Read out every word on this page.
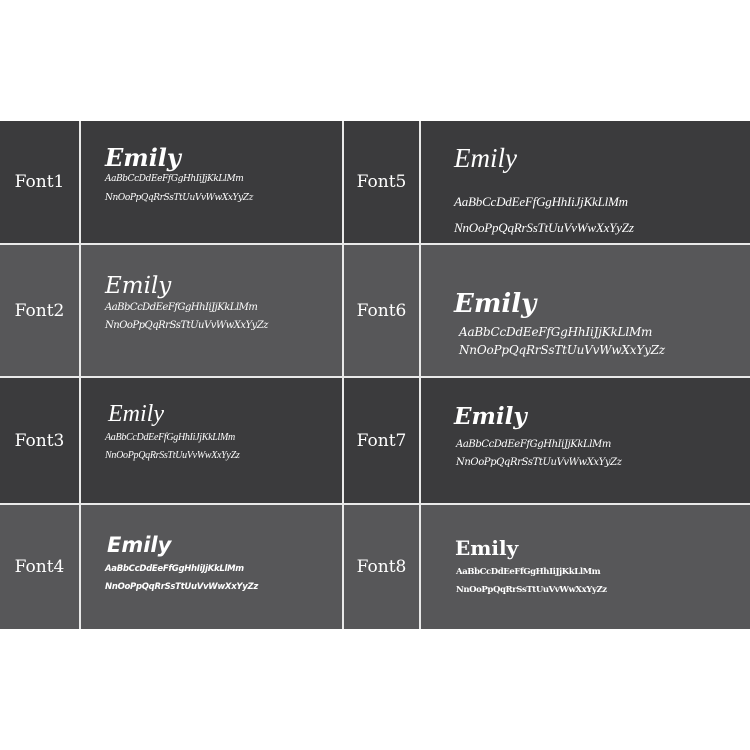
Font1
Emily
AaBbCcDdEeFfGgHhIiJjKkLlMm
NnOoPpQqRrSsTtUuVvWwXxYyZz
Font5
Emily
AaBbCcDdEeFfGgHhIiJjKkLlMm
NnOoPpQqRrSsTtUuVvWwXxYyZz
Font2
Emily
AaBbCcDdEeFfGgHhIiJjKkLlMm
NnOoPpQqRrSsTtUuVvWwXxYyZz
Font6 Emily
AaBbCcDdEeFfGgHhIiJjKkLlMm
NnOoPpQqRrSsTtUuVvWwXxYyZz
Font3
Emily
AaBbCcDdEeFfGgHhIiJjKkLlMm
NnOoPpQqRrSsTtUuVvWwXxYyZz
Font7
Emily
AaBbCcDdEeFfGgHhIiJjKkLlMm
NnOoPpQqRrSsTtUuVvWwXxYyZz
Font4
Emily
AaBbCcDdEeFfGgHhIiJjKkLlMm
NnOoPpQqRrSsTtUuVvWwXxYyZz
Font8
Emily
AaBbCcDdEeFfGgHhIiJjKkLlMm
NnOoPpQqRrSsTtUuVvWwXxYyZz
